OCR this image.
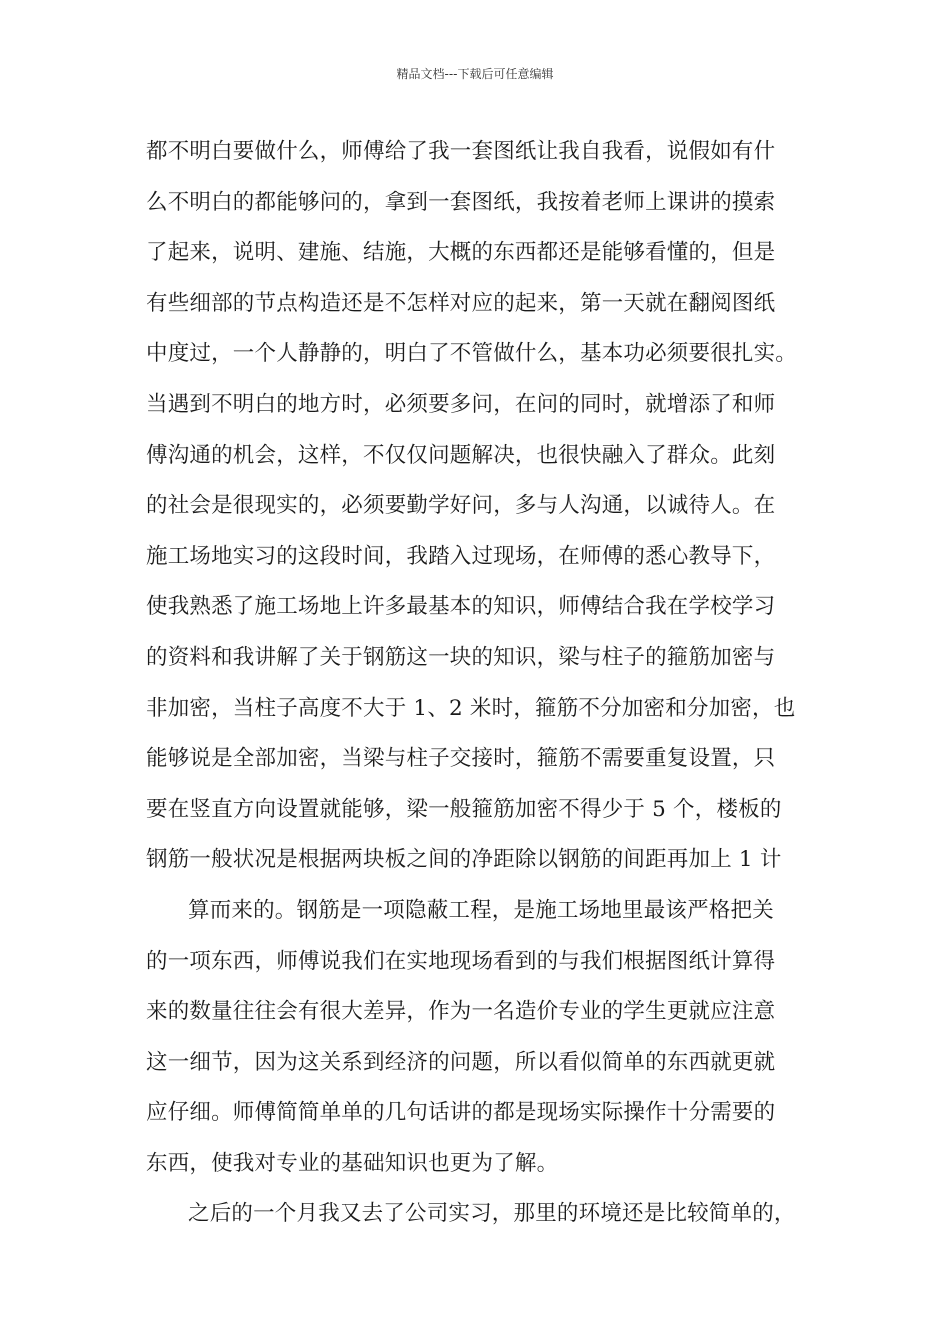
精品文档---下载后可任意编辑
都不明白要做什么，师傅给了我一套图纸让我自我看，说假如有什
么不明白的都能够问的，拿到一套图纸，我按着老师上课讲的摸索
了起来，说明、建施、结施，大概的东西都还是能够看懂的，但是
有些细部的节点构造还是不怎样对应的起来，第一天就在翻阅图纸
中度过，一个人静静的，明白了不管做什么，基本功必须要很扎实。
当遇到不明白的地方时，必须要多问，在问的同时，就增添了和师
傅沟通的机会，这样，不仅仅问题解决，也很快融入了群众。此刻
的社会是很现实的，必须要勤学好问，多与人沟通，以诚待人。在
施工场地实习的这段时间，我踏入过现场，在师傅的悉心教导下，
使我熟悉了施工场地上许多最基本的知识，师傅结合我在学校学习
的资料和我讲解了关于钢筋这一块的知识，梁与柱子的箍筋加密与
非加密，当柱子高度不大于 1、2 米时，箍筋不分加密和分加密，也
能够说是全部加密，当梁与柱子交接时，箍筋不需要重复设置，只
要在竖直方向设置就能够，梁一般箍筋加密不得少于 5 个，楼板的
钢筋一般状况是根据两块板之间的净距除以钢筋的间距再加上 1 计
算而来的。钢筋是一项隐蔽工程，是施工场地里最该严格把关
的一项东西，师傅说我们在实地现场看到的与我们根据图纸计算得
来的数量往往会有很大差异，作为一名造价专业的学生更就应注意
这一细节，因为这关系到经济的问题，所以看似简单的东西就更就
应仔细。师傅简简单单的几句话讲的都是现场实际操作十分需要的
东西，使我对专业的基础知识也更为了解。
之后的一个月我又去了公司实习，那里的环境还是比较简单的，
